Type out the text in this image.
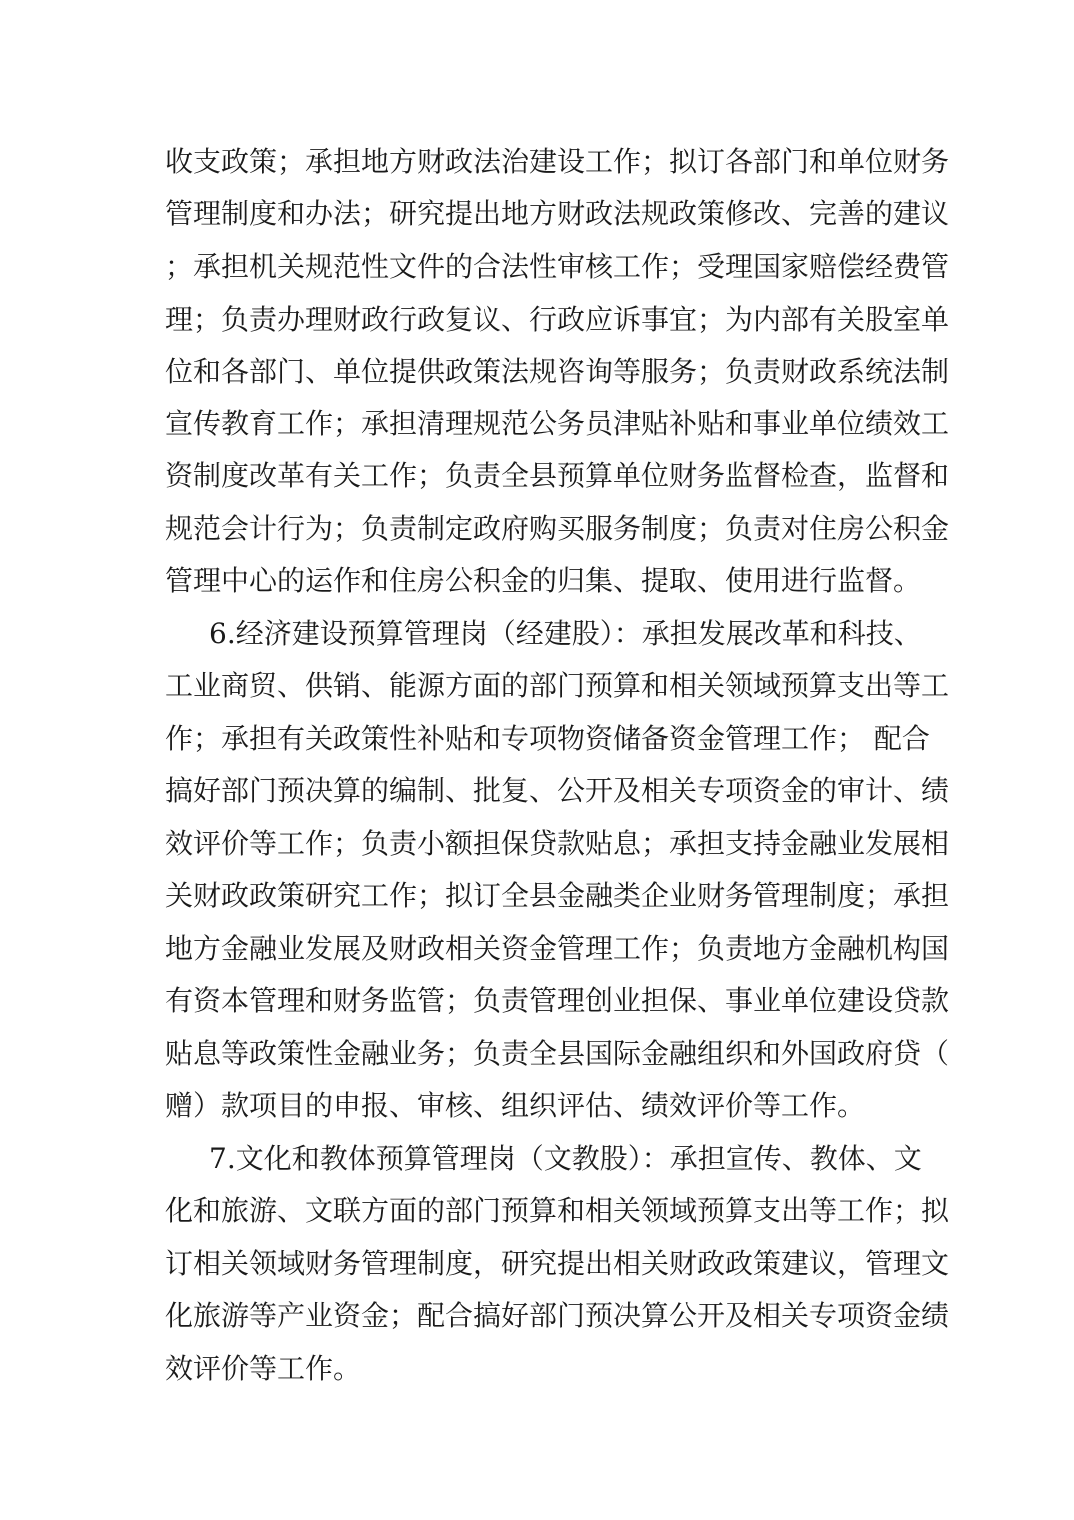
收支政策；承担地方财政法治建设工作；拟订各部门和单位财务
管理制度和办法；研究提出地方财政法规政策修改、完善的建议
；承担机关规范性文件的合法性审核工作；受理国家赔偿经费管
理；负责办理财政行政复议、行政应诉事宜；为内部有关股室单
位和各部门、单位提供政策法规咨询等服务；负责财政系统法制
宣传教育工作；承担清理规范公务员津贴补贴和事业单位绩效工
资制度改革有关工作；负责全县预算单位财务监督检查，监督和
规范会计行为；负责制定政府购买服务制度；负责对住房公积金
管理中心的运作和住房公积金的归集、提取、使用进行监督。
6.经济建设预算管理岗（经建股）：承担发展改革和科技、
工业商贸、供销、能源方面的部门预算和相关领域预算支出等工
作；承担有关政策性补贴和专项物资储备资金管理工作； 配合
搞好部门预决算的编制、批复、公开及相关专项资金的审计、绩
效评价等工作；负责小额担保贷款贴息；承担支持金融业发展相
关财政政策研究工作；拟订全县金融类企业财务管理制度；承担
地方金融业发展及财政相关资金管理工作；负责地方金融机构国
有资本管理和财务监管；负责管理创业担保、事业单位建设贷款
贴息等政策性金融业务；负责全县国际金融组织和外国政府贷（
赠）款项目的申报、审核、组织评估、绩效评价等工作。
7.文化和教体预算管理岗（文教股）：承担宣传、教体、文
化和旅游、文联方面的部门预算和相关领域预算支出等工作；拟
订相关领域财务管理制度，研究提出相关财政政策建议，管理文
化旅游等产业资金；配合搞好部门预决算公开及相关专项资金绩
效评价等工作。
